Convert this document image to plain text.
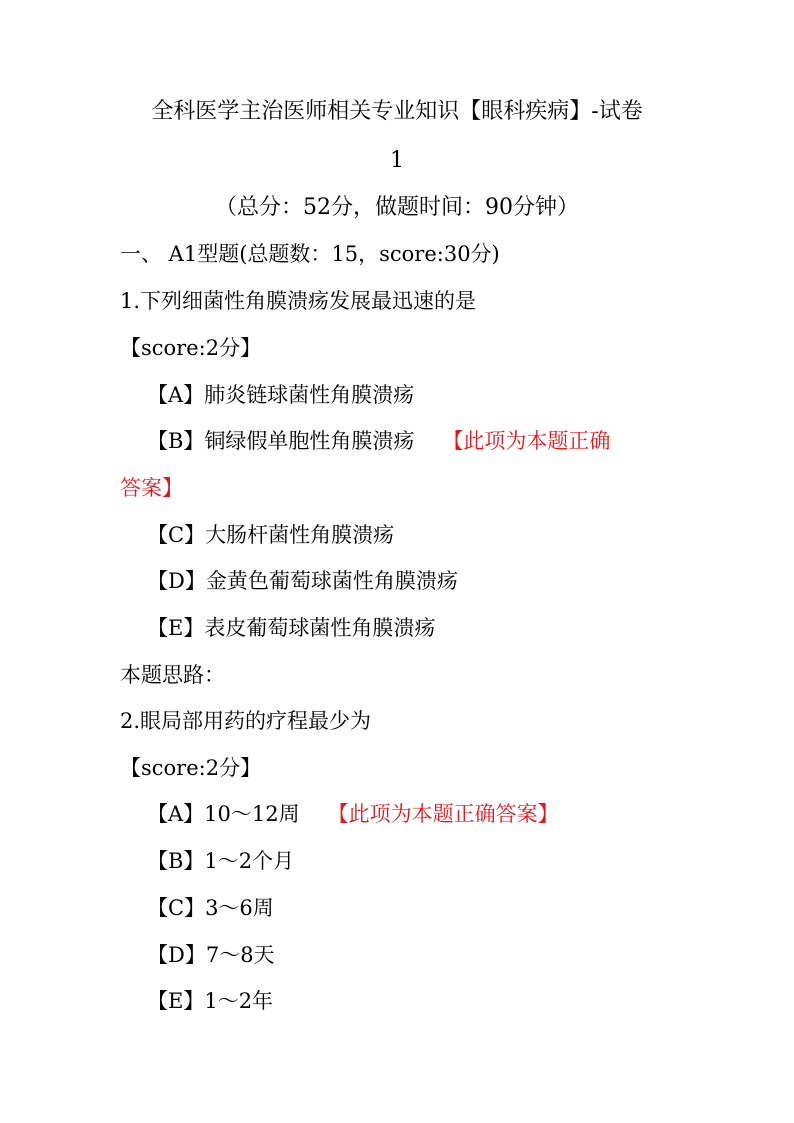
全科医学主治医师相关专业知识【眼科疾病】-试卷
1
（总分：52分，做题时间：90分钟）
一、 A1型题(总题数：15，score:30分)
1.下列细菌性角膜溃疡发展最迅速的是
【score:2分】
【A】肺炎链球菌性角膜溃疡
【B】铜绿假单胞性角膜溃疡 【此项为本题正确
答案】
【C】大肠杆菌性角膜溃疡
【D】金黄色葡萄球菌性角膜溃疡
【E】表皮葡萄球菌性角膜溃疡
本题思路：
2.眼局部用药的疗程最少为
【score:2分】
【A】10～12周 【此项为本题正确答案】
【B】1～2个月
【C】3～6周
【D】7～8天
【E】1～2年
